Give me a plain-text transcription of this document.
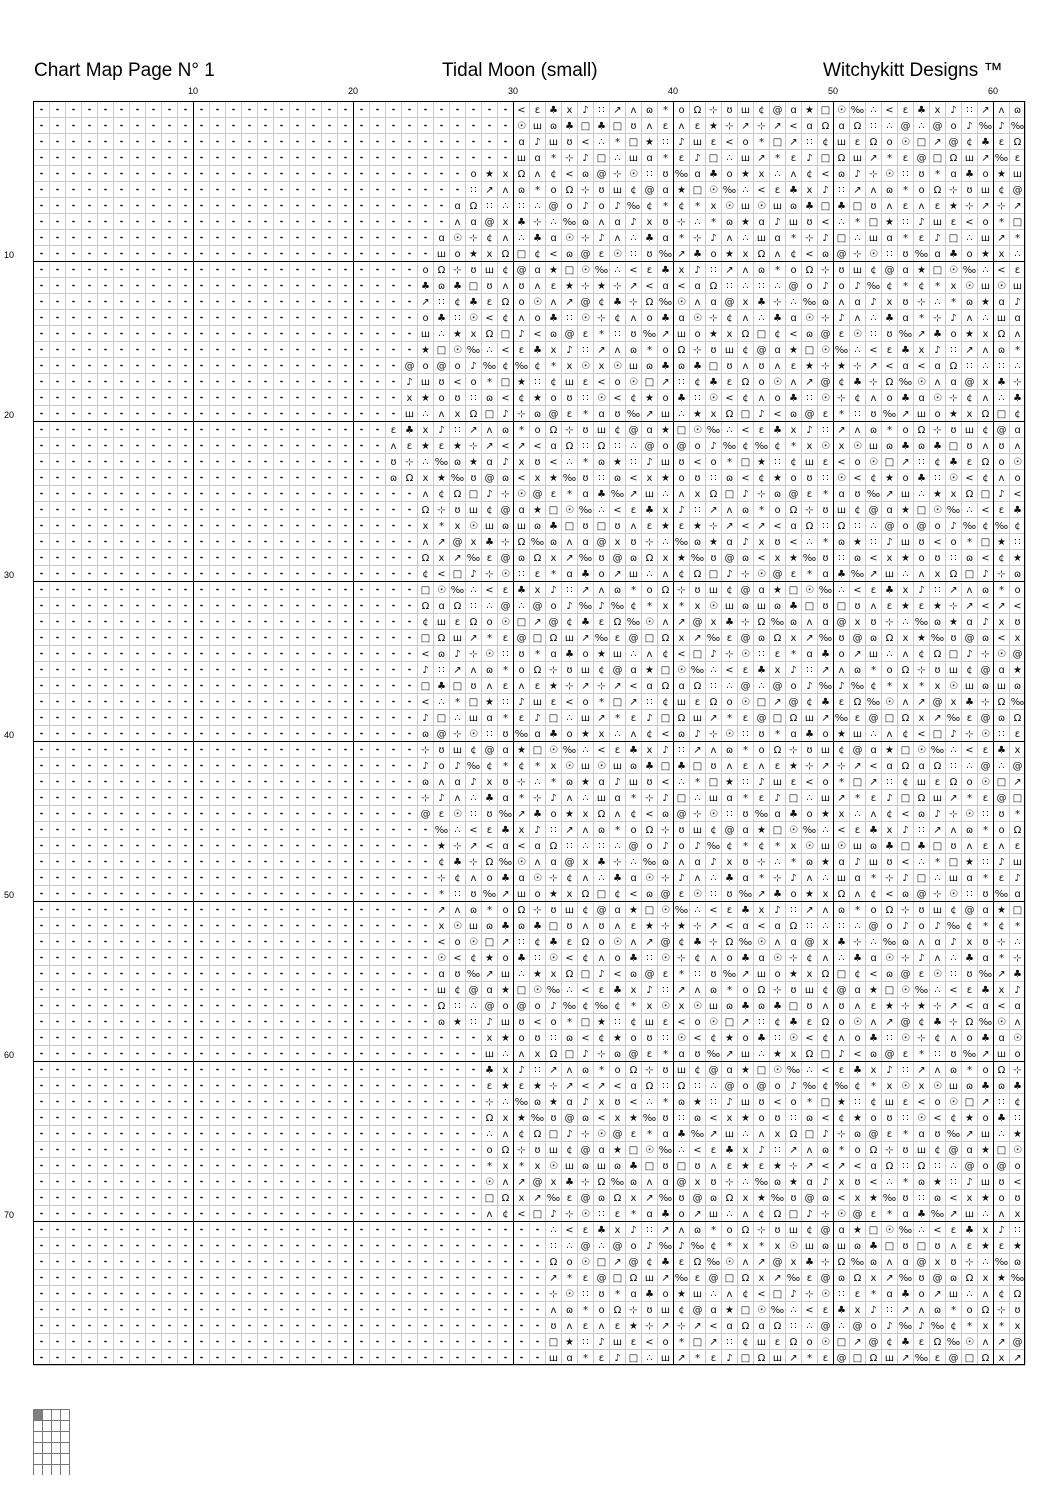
Chart Map Page N° 1	Tidal Moon (small)	Witchykitt Designs ™
10	20	30	40	50	60
10
20
30
40
50
60
70
< ɛ ♣ x ♪ ∷ ↗ ʌ ɷ * o Ω ⊹ ʊ ш ¢ @ ɑ ★ □ ☉ ‰ ∴ < ɛ ♣ x ♪ ∷ ↗ ʌ ɷ
☉ ш ɷ ♣ □ ♣ □ ʊ ʌ ɛ ʌ ɛ ★ ⊹ ↗ ⊹ ↗ < ɑ Ω ɑ Ω ∷ ∴ @ ∴ @ o ♪ ‰ ♪ ‰
ɑ ♪ ш ʊ < ∴ * □ ★ ∷ ♪ ш ɛ < o * □ ↗ ∷ ¢ ш ɛ Ω o ☉ □ ↗ @ ¢ ♣ ɛ Ω
ш ɑ * ⊹ ♪ □ ∴ ш ɑ * ɛ ♪ □ ∴ ш ↗ * ɛ ♪ □ Ω ш ↗ * ɛ @ □ Ω ш ↗ ‰ ɛ
o ★ x Ω ʌ ¢ < ɷ @ ⊹ ☉ ∷ ʊ ‰ ɑ ♣ o ★ x ∴ ʌ ¢ < ɷ ♪ ⊹ ☉ ∷ ʊ * ɑ ♣ o ★ ш
∷ ↗ ʌ ɷ * o Ω ⊹ ʊ ш ¢ @ ɑ ★ □ ☉ ‰ ∴ < ɛ ♣ x ♪ ∷ ↗ ʌ ɷ * o Ω ⊹ ʊ ш ¢ @
ɑ Ω ∷ ∴ ∷ ∴ @ o ♪ o ♪ ‰ ¢ * ¢ * x ☉ ш ☉ ш ɷ ♣ □ ♣ □ ʊ ʌ ɛ ʌ ɛ ★ ⊹ ↗ ⊹ ↗
ʌ ɑ @ x ♣ ⊹ ∴ ‰ ɷ ʌ ɑ ♪ x ʊ ⊹ ∴ * ɷ ★ ɑ ♪ ш ʊ < ∴ * □ ★ ∷ ♪ ш ɛ < o * □
ɑ ☉ ⊹ ¢ ʌ ∴ ♣ ɑ ☉ ⊹ ♪ ʌ ∴ ♣ ɑ * ⊹ ♪ ʌ ∴ ш ɑ * ⊹ ♪ □ ∴ ш ɑ * ɛ ♪ □ ∴ ш ↗ *
ш o ★ x Ω □ ¢ < ɷ @ ɛ ☉ ∷ ʊ ‰ ↗ ♣ o ★ x Ω ʌ ¢ < ɷ @ ⊹ ☉ ∷ ʊ ‰ ɑ ♣ o ★ x ∴
o Ω ⊹ ʊ ш ¢ @ ɑ ★ □ ☉ ‰ ∴ < ɛ ♣ x ♪ ∷ ↗ ʌ ɷ * o Ω ⊹ ʊ ш ¢ @ ɑ ★ □ ☉ ‰ ∴ < ɛ
♣ ɷ ♣ □ ʊ ʌ ʊ ʌ ɛ ★ ⊹ ★ ⊹ ↗ < ɑ < ɑ Ω ∷ ∴ ∷ ∴ @ o ♪ o ♪ ‰ ¢ * ¢ * x ☉ ш ☉ ш
↗ ∷ ¢ ♣ ɛ Ω o ☉ ʌ ↗ @ ¢ ♣ ⊹ Ω ‰ ☉ ʌ ɑ @ x ♣ ⊹ ∴ ‰ ɷ ʌ ɑ ♪ x ʊ ⊹ ∴ * ɷ ★ ɑ ♪
o ♣ ∷ ☉ < ¢ ʌ o ♣ ∷ ☉ ⊹ ¢ ʌ o ♣ ɑ ☉ ⊹ ¢ ʌ ∴ ♣ ɑ ☉ ⊹ ♪ ʌ ∴ ♣ ɑ * ⊹ ♪ ʌ ∴ ш ɑ
ш ∴ ★ x Ω □ ♪ < ɷ @ ɛ * ∷ ʊ ‰ ↗ ш o ★ x Ω □ ¢ < ɷ @ ɛ ☉ ∷ ʊ ‰ ↗ ♣ o ★ x Ω ʌ
★ □ ☉ ‰ ∴ < ɛ ♣ x ♪ ∷ ↗ ʌ ɷ * o Ω ⊹ ʊ ш ¢ @ ɑ ★ □ ☉ ‰ ∴ < ɛ ♣ x ♪ ∷ ↗ ʌ ɷ *
@ o @ o ♪ ‰ ¢ ‰ ¢ * x ☉ x ☉ ш ɷ ♣ ɷ ♣ □ ʊ ʌ ʊ ʌ ɛ ★ ⊹ ★ ⊹ ↗ < ɑ < ɑ Ω ∷ ∴ ∷ ∴
♪ ш ʊ < o * □ ★ ∷ ¢ ш ɛ < o ☉ □ ↗ ∷ ¢ ♣ ɛ Ω o ☉ ʌ ↗ @ ¢ ♣ ⊹ Ω ‰ ☉ ʌ ɑ @ x ♣ ⊹
x ★ o ʊ ∷ ɷ < ¢ ★ o ʊ ∷ ☉ < ¢ ★ o ♣ ∷ ☉ < ¢ ʌ o ♣ ∷ ☉ ⊹ ¢ ʌ o ♣ ɑ ☉ ⊹ ¢ ʌ ∴ ♣
ш ∴ ʌ x Ω □ ♪ ⊹ ɷ @ ɛ * ɑ ʊ ‰ ↗ ш ∴ ★ x Ω □ ♪ < ɷ @ ɛ * ∷ ʊ ‰ ↗ ш o ★ x Ω □ ¢
ɛ ♣ x ♪ ∷ ↗ ʌ ɷ * o Ω ⊹ ʊ ш ¢ @ ɑ ★ □ ☉ ‰ ∴ < ɛ ♣ x ♪ ∷ ↗ ʌ ɷ * o Ω ⊹ ʊ ш ¢ @ ɑ
ʌ ɛ ★ ɛ ★ ⊹ ↗ < ↗ < ɑ Ω ∷ Ω ∷ ∴ @ o @ o ♪ ‰ ¢ ‰ ¢ * x ☉ x ☉ ш ɷ ♣ ɷ ♣ □ ʊ ʌ ʊ ʌ
ʊ ⊹ ∴ ‰ ɷ ★ ɑ ♪ x ʊ < ∴ * ɷ ★ ∷ ♪ ш ʊ < o * □ ★ ∷ ¢ ш ɛ < o ☉ □ ↗ ∷ ¢ ♣ ɛ Ω o ☉
ɷ Ω x ★ ‰ ʊ @ ɷ < x ★ ‰ ʊ ∷ ɷ < x ★ o ʊ ∷ ɷ < ¢ ★ o ʊ ∷ ☉ < ¢ ★ o ♣ ∷ ☉ < ¢ ʌ o
ʌ ¢ Ω □ ♪ ⊹ ☉ @ ɛ * ɑ ♣ ‰ ↗ ш ∴ ʌ x Ω □ ♪ ⊹ ɷ @ ɛ * ɑ ʊ ‰ ↗ ш ∴ ★ x Ω □ ♪ <
Ω ⊹ ʊ ш ¢ @ ɑ ★ □ ☉ ‰ ∴ < ɛ ♣ x ♪ ∷ ↗ ʌ ɷ * o Ω ⊹ ʊ ш ¢ @ ɑ ★ □ ☉ ‰ ∴ < ɛ ♣
x * x ☉ ш ɷ ш ɷ ♣ □ ʊ □ ʊ ʌ ɛ ★ ɛ ★ ⊹ ↗ < ↗ < ɑ Ω ∷ Ω ∷ ∴ @ o @ o ♪ ‰ ¢ ‰ ¢
ʌ ↗ @ x ♣ ⊹ Ω ‰ ɷ ʌ ɑ @ x ʊ ⊹ ∴ ‰ ɷ ★ ɑ ♪ x ʊ < ∴ * ɷ ★ ∷ ♪ ш ʊ < o * □ ★ ∷
Ω x ↗ ‰ ɛ @ ɷ Ω x ↗ ‰ ʊ @ ɷ Ω x ★ ‰ ʊ @ ɷ < x ★ ‰ ʊ ∷ ɷ < x ★ o ʊ ∷ ɷ < ¢ ★
¢ < □ ♪ ⊹ ☉ ∷ ɛ * ɑ ♣ o ↗ ш ∴ ʌ ¢ Ω □ ♪ ⊹ ☉ @ ɛ * ɑ ♣ ‰ ↗ ш ∴ ʌ x Ω □ ♪ ⊹ ɷ
□ ☉ ‰ ∴ < ɛ ♣ x ♪ ∷ ↗ ʌ ɷ * o Ω ⊹ ʊ ш ¢ @ ɑ ★ □ ☉ ‰ ∴ < ɛ ♣ x ♪ ∷ ↗ ʌ ɷ * o
Ω ɑ Ω ∷ ∴ @ ∴ @ o ♪ ‰ ♪ ‰ ¢ * x * x ☉ ш ɷ ш ɷ ♣ □ ʊ □ ʊ ʌ ɛ ★ ɛ ★ ⊹ ↗ < ↗ <
¢ ш ɛ Ω o ☉ □ ↗ @ ¢ ♣ ɛ Ω ‰ ☉ ʌ ↗ @ x ♣ ⊹ Ω ‰ ɷ ʌ ɑ @ x ʊ ⊹ ∴ ‰ ɷ ★ ɑ ♪ x ʊ
□ Ω ш ↗ * ɛ @ □ Ω ш ↗ ‰ ɛ @ □ Ω x ↗ ‰ ɛ @ ɷ Ω x ↗ ‰ ʊ @ ɷ Ω x ★ ‰ ʊ @ ɷ < x
< ɷ ♪ ⊹ ☉ ∷ ʊ * ɑ ♣ o ★ ш ∴ ʌ ¢ < □ ♪ ⊹ ☉ ∷ ɛ * ɑ ♣ o ↗ ш ∴ ʌ ¢ Ω □ ♪ ⊹ ☉ @
♪ ∷ ↗ ʌ ɷ * o Ω ⊹ ʊ ш ¢ @ ɑ ★ □ ☉ ‰ ∴ < ɛ ♣ x ♪ ∷ ↗ ʌ ɷ * o Ω ⊹ ʊ ш ¢ @ ɑ ★
□ ♣ □ ʊ ʌ ɛ ʌ ɛ ★ ⊹ ↗ ⊹ ↗ < ɑ Ω ɑ Ω ∷ ∴ @ ∴ @ o ♪ ‰ ♪ ‰ ¢ * x * x ☉ ш ɷ ш ɷ
< ∴ * □ ★ ∷ ♪ ш ɛ < o * □ ↗ ∷ ¢ ш ɛ Ω o ☉ □ ↗ @ ¢ ♣ ɛ Ω ‰ ☉ ʌ ↗ @ x ♣ ⊹ Ω ‰
♪ □ ∴ ш ɑ * ɛ ♪ □ ∴ ш ↗ * ɛ ♪ □ Ω ш ↗ * ɛ @ □ Ω ш ↗ ‰ ɛ @ □ Ω x ↗ ‰ ɛ @ ɷ Ω
ɷ @ ⊹ ☉ ∷ ʊ ‰ ɑ ♣ o ★ x ∴ ʌ ¢ < ɷ ♪ ⊹ ☉ ∷ ʊ * ɑ ♣ o ★ ш ∴ ʌ ¢ < □ ♪ ⊹ ☉ ∷ ɛ
⊹ ʊ ш ¢ @ ɑ ★ □ ☉ ‰ ∴ < ɛ ♣ x ♪ ∷ ↗ ʌ ɷ * o Ω ⊹ ʊ ш ¢ @ ɑ ★ □ ☉ ‰ ∴ < ɛ ♣ x
♪ o ♪ ‰ ¢ * ¢ * x ☉ ш ☉ ш ɷ ♣ □ ♣ □ ʊ ʌ ɛ ʌ ɛ ★ ⊹ ↗ ⊹ ↗ < ɑ Ω ɑ Ω ∷ ∴ @ ∴ @
ɷ ʌ ɑ ♪ x ʊ ⊹ ∴ * ɷ ★ ɑ ♪ ш ʊ < ∴ * □ ★ ∷ ♪ ш ɛ < o * □ ↗ ∷ ¢ ш ɛ Ω o ☉ □ ↗
⊹ ♪ ʌ ∴ ♣ ɑ * ⊹ ♪ ʌ ∴ ш ɑ * ⊹ ♪ □ ∴ ш ɑ * ɛ ♪ □ ∴ ш ↗ * ɛ ♪ □ Ω ш ↗ * ɛ @ □
@ ɛ ☉ ∷ ʊ ‰ ↗ ♣ o ★ x Ω ʌ ¢ < ɷ @ ⊹ ☉ ∷ ʊ ‰ ɑ ♣ o ★ x ∴ ʌ ¢ < ɷ ♪ ⊹ ☉ ∷ ʊ *
‰ ∴ < ɛ ♣ x ♪ ∷ ↗ ʌ ɷ * o Ω ⊹ ʊ ш ¢ @ ɑ ★ □ ☉ ‰ ∴ < ɛ ♣ x ♪ ∷ ↗ ʌ ɷ * o Ω
★ ⊹ ↗ < ɑ < ɑ Ω ∷ ∴ ∷ ∴ @ o ♪ o ♪ ‰ ¢ * ¢ * x ☉ ш ☉ ш ɷ ♣ □ ♣ □ ʊ ʌ ɛ ʌ ɛ
¢ ♣ ⊹ Ω ‰ ☉ ʌ ɑ @ x ♣ ⊹ ∴ ‰ ɷ ʌ ɑ ♪ x ʊ ⊹ ∴ * ɷ ★ ɑ ♪ ш ʊ < ∴ * □ ★ ∷ ♪ ш
⊹ ¢ ʌ o ♣ ɑ ☉ ⊹ ¢ ʌ ∴ ♣ ɑ ☉ ⊹ ♪ ʌ ∴ ♣ ɑ * ⊹ ♪ ʌ ∴ ш ɑ * ⊹ ♪ □ ∴ ш ɑ * ɛ ♪
* ∷ ʊ ‰ ↗ ш o ★ x Ω □ ¢ < ɷ @ ɛ ☉ ∷ ʊ ‰ ↗ ♣ o ★ x Ω ʌ ¢ < ɷ @ ⊹ ☉ ∷ ʊ ‰ ɑ
↗ ʌ ɷ * o Ω ⊹ ʊ ш ¢ @ ɑ ★ □ ☉ ‰ ∴ < ɛ ♣ x ♪ ∷ ↗ ʌ ɷ * o Ω ⊹ ʊ ш ¢ @ ɑ ★ □
x ☉ ш ɷ ♣ ɷ ♣ □ ʊ ʌ ʊ ʌ ɛ ★ ⊹ ★ ⊹ ↗ < ɑ < ɑ Ω ∷ ∴ ∷ ∴ @ o ♪ o ♪ ‰ ¢ * ¢ *
< o ☉ □ ↗ ∷ ¢ ♣ ɛ Ω o ☉ ʌ ↗ @ ¢ ♣ ⊹ Ω ‰ ☉ ʌ ɑ @ x ♣ ⊹ ∴ ‰ ɷ ʌ ɑ ♪ x ʊ ⊹ ∴
☉ < ¢ ★ o ♣ ∷ ☉ < ¢ ʌ o ♣ ∷ ☉ ⊹ ¢ ʌ o ♣ ɑ ☉ ⊹ ¢ ʌ ∴ ♣ ɑ ☉ ⊹ ♪ ʌ ∴ ♣ ɑ * ⊹
ɑ ʊ ‰ ↗ ш ∴ ★ x Ω □ ♪ < ɷ @ ɛ * ∷ ʊ ‰ ↗ ш o ★ x Ω □ ¢ < ɷ @ ɛ ☉ ∷ ʊ ‰ ↗ ♣
ш ¢ @ ɑ ★ □ ☉ ‰ ∴ < ɛ ♣ x ♪ ∷ ↗ ʌ ɷ * o Ω ⊹ ʊ ш ¢ @ ɑ ★ □ ☉ ‰ ∴ < ɛ ♣ x ♪
Ω ∷ ∴ @ o @ o ♪ ‰ ¢ ‰ ¢ * x ☉ x ☉ ш ɷ ♣ ɷ ♣ □ ʊ ʌ ʊ ʌ ɛ ★ ⊹ ★ ⊹ ↗ < ɑ < ɑ
ɷ ★ ∷ ♪ ш ʊ < o * □ ★ ∷ ¢ ш ɛ < o ☉ □ ↗ ∷ ¢ ♣ ɛ Ω o ☉ ʌ ↗ @ ¢ ♣ ⊹ Ω ‰ ☉ ʌ
x ★ o ʊ ∷ ɷ < ¢ ★ o ʊ ∷ ☉ < ¢ ★ o ♣ ∷ ☉ < ¢ ʌ o ♣ ∷ ☉ ⊹ ¢ ʌ o ♣ ɑ ☉
ш ∴ ʌ x Ω □ ♪ ⊹ ɷ @ ɛ * ɑ ʊ ‰ ↗ ш ∴ ★ x Ω □ ♪ < ɷ @ ɛ * ∷ ʊ ‰ ↗ ш o
♣ x ♪ ∷ ↗ ʌ ɷ * o Ω ⊹ ʊ ш ¢ @ ɑ ★ □ ☉ ‰ ∴ < ɛ ♣ x ♪ ∷ ↗ ʌ ɷ * o Ω ⊹
ɛ ★ ɛ ★ ⊹ ↗ < ↗ < ɑ Ω ∷ Ω ∷ ∴ @ o @ o ♪ ‰ ¢ ‰ ¢ * x ☉ x ☉ ш ɷ ♣ ɷ ♣
⊹ ∴ ‰ ɷ ★ ɑ ♪ x ʊ < ∴ * ɷ ★ ∷ ♪ ш ʊ < o * □ ★ ∷ ¢ ш ɛ < o ☉ □ ↗ ∷ ¢
Ω x ★ ‰ ʊ @ ɷ < x ★ ‰ ʊ ∷ ɷ < x ★ o ʊ ∷ ɷ < ¢ ★ o ʊ ∷ ☉ < ¢ ★ o ♣ ∷
∴ ʌ ¢ Ω □ ♪ ⊹ ☉ @ ɛ * ɑ ♣ ‰ ↗ ш ∴ ʌ x Ω □ ♪ ⊹ ɷ @ ɛ * ɑ ʊ ‰ ↗ ш ∴ ★
o Ω ⊹ ʊ ш ¢ @ ɑ ★ □ ☉ ‰ ∴ < ɛ ♣ x ♪ ∷ ↗ ʌ ɷ * o Ω ⊹ ʊ ш ¢ @ ɑ ★ □ ☉
* x * x ☉ ш ɷ ш ɷ ♣ □ ʊ □ ʊ ʌ ɛ ★ ɛ ★ ⊹ ↗ < ↗ < ɑ Ω ∷ Ω ∷ ∴ @ o @ o
☉ ʌ ↗ @ x ♣ ⊹ Ω ‰ ɷ ʌ ɑ @ x ʊ ⊹ ∴ ‰ ɷ ★ ɑ ♪ x ʊ < ∴ * ɷ ★ ∷ ♪ ш ʊ <
□ Ω x ↗ ‰ ɛ @ ɷ Ω x ↗ ‰ ʊ @ ɷ Ω x ★ ‰ ʊ @ ɷ < x ★ ‰ ʊ ∷ ɷ < x ★ o ʊ
ʌ ¢ < □ ♪ ⊹ ☉ ∷ ɛ * ɑ ♣ o ↗ ш ∴ ʌ ¢ Ω □ ♪ ⊹ ☉ @ ɛ * ɑ ♣ ‰ ↗ ш ∴ ʌ x
∴ < ɛ ♣ x ♪ ∷ ↗ ʌ ɷ * o Ω ⊹ ʊ ш ¢ @ ɑ ★ □ ☉ ‰ ∴ < ɛ ♣ x ♪ ∷
∷ ∴ @ ∴ @ o ♪ ‰ ♪ ‰ ¢ * x * x ☉ ш ɷ ш ɷ ♣ □ ʊ □ ʊ ʌ ɛ ★ ɛ ★
Ω o ☉ □ ↗ @ ¢ ♣ ɛ Ω ‰ ☉ ʌ ↗ @ x ♣ ⊹ Ω ‰ ɷ ʌ ɑ @ x ʊ ⊹ ∴ ‰ ɷ
↗ * ɛ @ □ Ω ш ↗ ‰ ɛ @ □ Ω x ↗ ‰ ɛ @ ɷ Ω x ↗ ‰ ʊ @ ɷ Ω x ★ ‰
⊹ ☉ ∷ ʊ * ɑ ♣ o ★ ш ∴ ʌ ¢ < □ ♪ ⊹ ☉ ∷ ɛ * ɑ ♣ o ↗ ш ∴ ʌ ¢ Ω
ʌ ɷ * o Ω ⊹ ʊ ш ¢ @ ɑ ★ □ ☉ ‰ ∴ < ɛ ♣ x ♪ ∷ ↗ ʌ ɷ * o Ω ⊹ ʊ
ʊ ʌ ɛ ʌ ɛ ★ ⊹ ↗ ⊹ ↗ < ɑ Ω ɑ Ω ∷ ∴ @ ∴ @ o ♪ ‰ ♪ ‰ ¢ * x * x
□ ★ ∷ ♪ ш ɛ < o * □ ↗ ∷ ¢ ш ɛ Ω o ☉ □ ↗ @ ¢ ♣ ɛ Ω ‰ ☉ ʌ ↗ @
ш ɑ * ɛ ♪ □ ∴ ш ↗ * ɛ ♪ □ Ω ш ↗ * ɛ @ □ Ω ш ↗ ‰ ɛ @ □ Ω x ↗
